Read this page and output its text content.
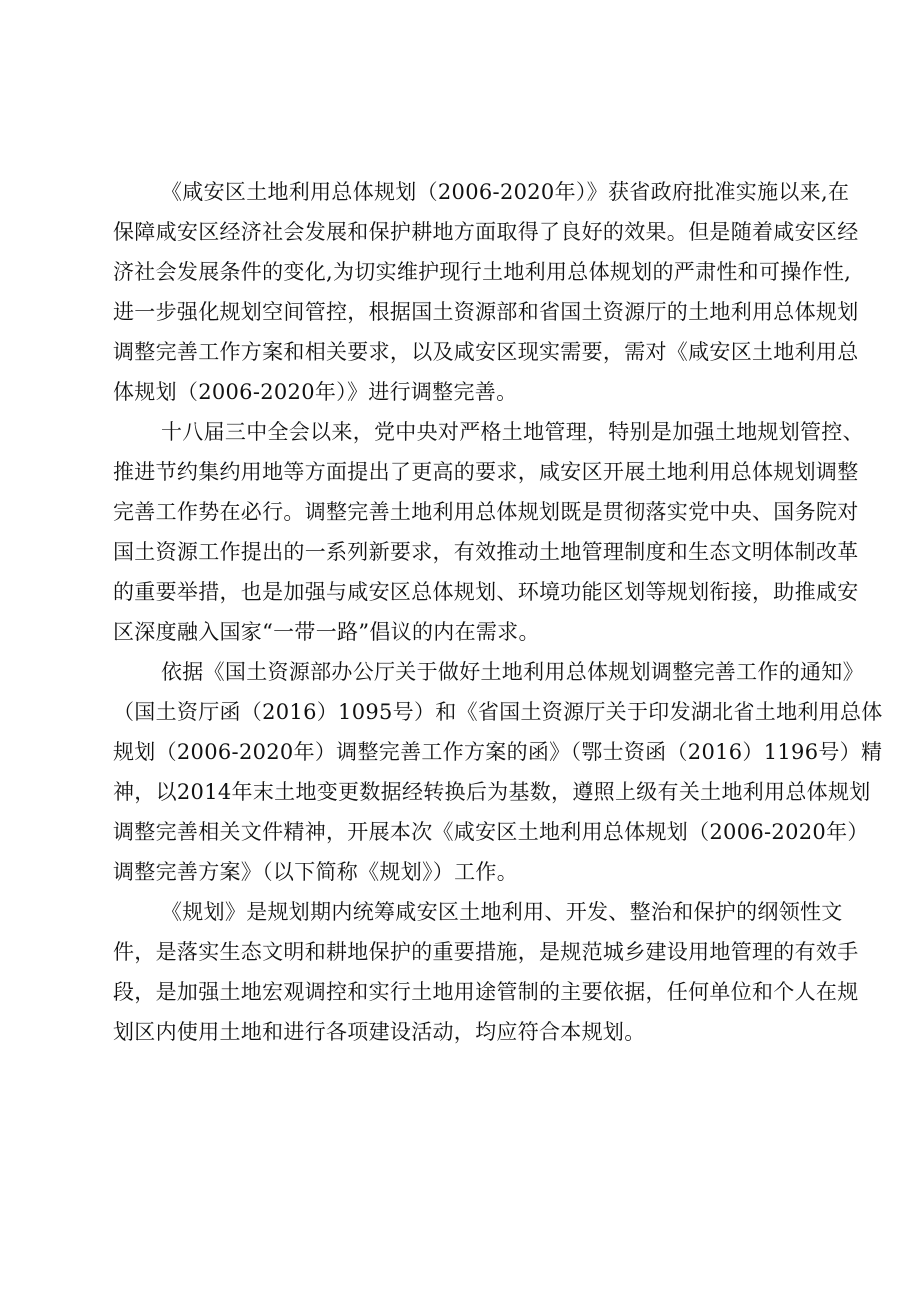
《咸安区土地利用总体规划（2006-2020年）》获省政府批准实施以来,在
保障咸安区经济社会发展和保护耕地方面取得了良好的效果。但是随着咸安区经
济社会发展条件的变化,为切实维护现行土地利用总体规划的严肃性和可操作性,
进一步强化规划空间管控，根据国土资源部和省国土资源厅的土地利用总体规划
调整完善工作方案和相关要求，以及咸安区现实需要，需对《咸安区土地利用总
体规划（2006-2020年）》进行调整完善。
十八届三中全会以来，党中央对严格土地管理，特别是加强土地规划管控、
推进节约集约用地等方面提出了更高的要求，咸安区开展土地利用总体规划调整
完善工作势在必行。调整完善土地利用总体规划既是贯彻落实党中央、国务院对
国土资源工作提出的一系列新要求，有效推动土地管理制度和生态文明体制改革
的重要举措，也是加强与咸安区总体规划、环境功能区划等规划衔接，助推咸安
区深度融入国家“一带一路”倡议的内在需求。
依据《国土资源部办公厅关于做好土地利用总体规划调整完善工作的通知》
（国土资厅函（2016）1095号）和《省国土资源厅关于印发湖北省土地利用总体
规划（2006-2020年）调整完善工作方案的函》（鄂士资函（2016）1196号）精
神，以2014年末土地变更数据经转换后为基数，遵照上级有关土地利用总体规划
调整完善相关文件精神，开展本次《咸安区土地利用总体规划（2006-2020年）
调整完善方案》（以下简称《规划》）工作。
《规划》是规划期内统筹咸安区土地利用、开发、整治和保护的纲领性文
件，是落实生态文明和耕地保护的重要措施，是规范城乡建设用地管理的有效手
段，是加强土地宏观调控和实行土地用途管制的主要依据，任何单位和个人在规
划区内使用土地和进行各项建设活动，均应符合本规划。
